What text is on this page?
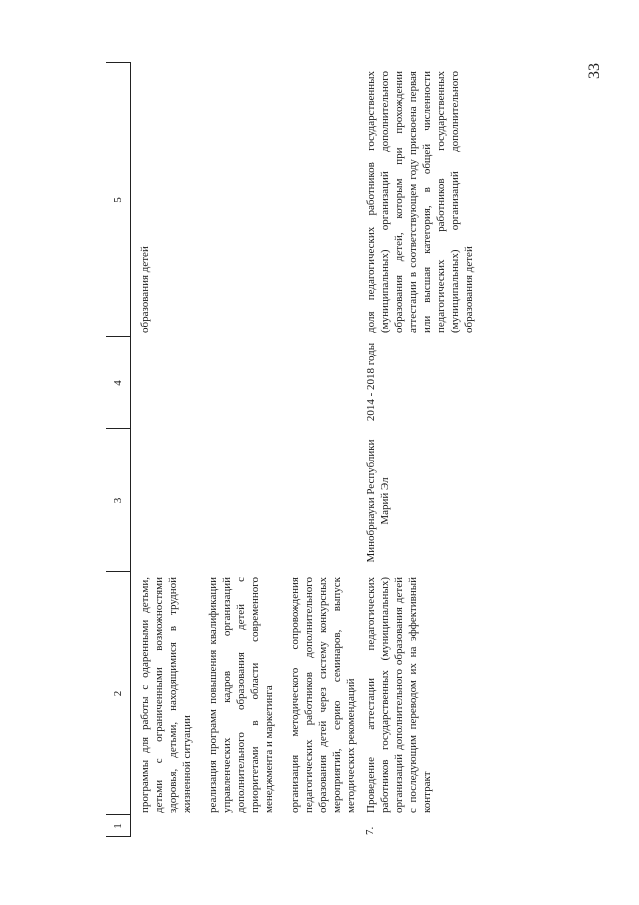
33
1
2
3
4
5

программы для работы с одаренными детьми, детьми с ограниченными возможностями здоровья, детьми, находящимися в трудной жизненной ситуации реализация программ повышения квалификации управленческих кадров организаций дополнительного образования детей с приоритетами в области современного менеджмента и маркетинга организация методического сопровождения педагогических работников дополнительного образования детей через систему конкурсных мероприятий, серию семинаров, выпуск методических рекомендаций

образования детей
7.
Проведение аттестации педагогических работников государственных (муниципальных) организаций дополнительного образования детей с последующим переводом их на эффективный контракт
Минобрнауки Республики Марий Эл
2014 - 2018 годы
доля педагогических работников государственных (муниципальных) организаций дополнительного образования детей, которым при прохождении аттестации в соответствующем году присвоена первая или высшая категория, в общей численности педагогических работников государственных (муниципальных) организаций дополнительного образования детей
